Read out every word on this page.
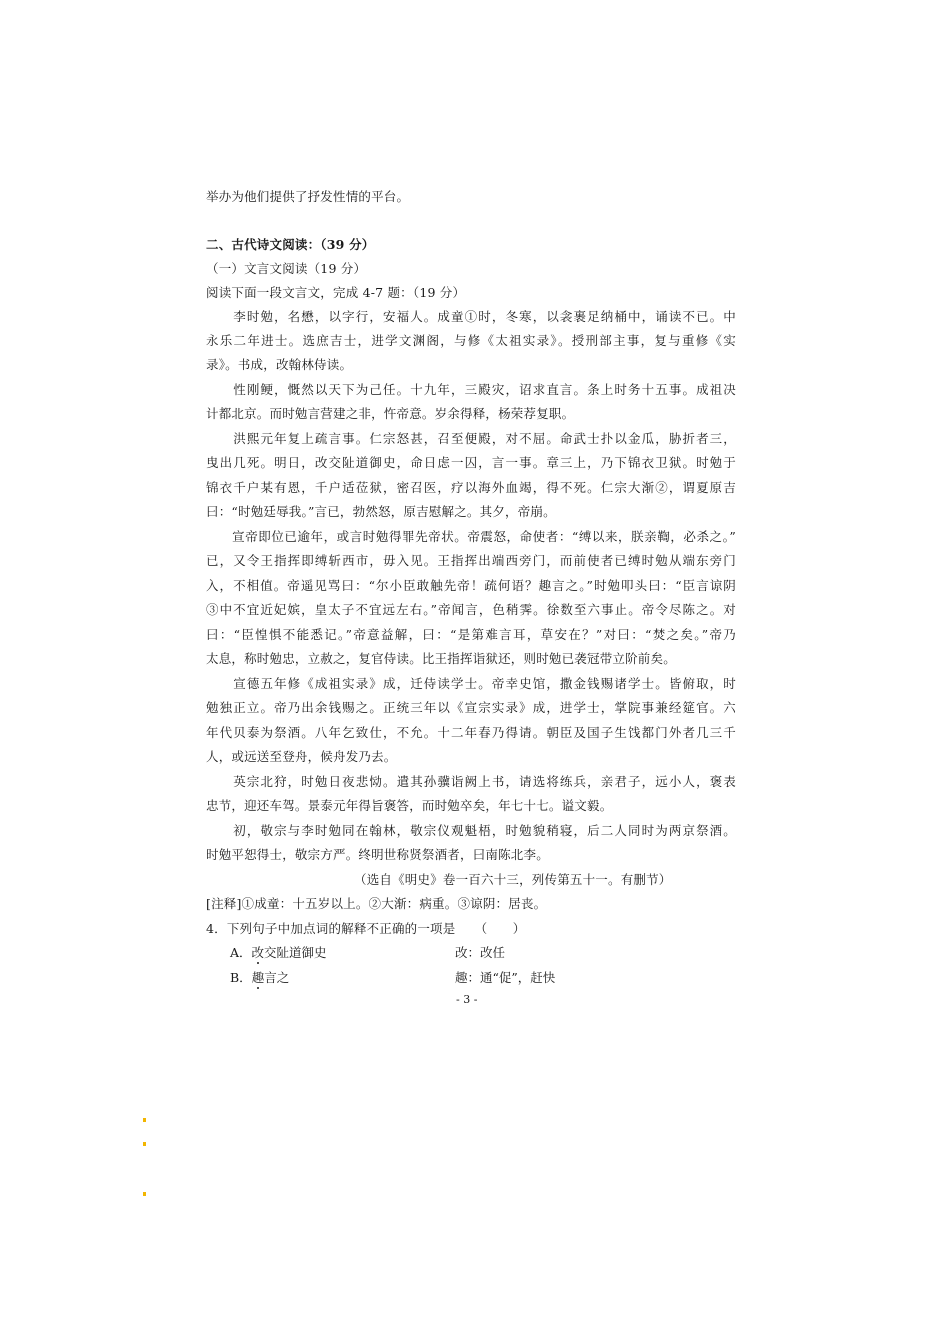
举办为他们提供了抒发性情的平台。
二、古代诗文阅读：（39 分）
（一）文言文阅读（19 分）
阅读下面一段文言文，完成 4-7 题：（19 分）
　　李时勉，名懋，以字行，安福人。成童①时，冬寒，以衾裹足纳桶中，诵读不已。中
永乐二年进士。选庶吉士，进学文渊阁，与修《太祖实录》。授刑部主事，复与重修《实
录》。书成，改翰林侍读。
　　性刚鲠，慨然以天下为己任。十九年，三殿灾，诏求直言。条上时务十五事。成祖决
计都北京。而时勉言营建之非，忤帝意。岁余得释，杨荣荐复职。
　　洪熙元年复上疏言事。仁宗怒甚，召至便殿，对不屈。命武士扑以金瓜，胁折者三，
曳出几死。明日，改交阯道御史，命日虑一囚，言一事。章三上，乃下锦衣卫狱。时勉于
锦衣千户某有恩，千户适莅狱，密召医，疗以海外血竭，得不死。仁宗大渐②，谓夏原吉
曰：“时勉廷辱我。”言已，勃然怒，原吉慰解之。其夕，帝崩。
　　宣帝即位已逾年，或言时勉得罪先帝状。帝震怒，命使者：“缚以来，朕亲鞫，必杀之。”
已，又令王指挥即缚斩西市，毋入见。王指挥出端西旁门，而前使者已缚时勉从端东旁门
入，不相值。帝遥见骂曰：“尔小臣敢触先帝！疏何语？趣言之。”时勉叩头曰：“臣言谅阴
③中不宜近妃嫔，皇太子不宜远左右。”帝闻言，色稍霁。徐数至六事止。帝令尽陈之。对
曰：“臣惶惧不能悉记。”帝意益解，曰：“是第难言耳，草安在？”对曰：“焚之矣。”帝乃
太息，称时勉忠，立赦之，复官侍读。比王指挥诣狱还，则时勉已袭冠带立阶前矣。
　　宣德五年修《成祖实录》成，迁侍读学士。帝幸史馆，撒金钱赐诸学士。皆俯取，时
勉独正立。帝乃出余钱赐之。正统三年以《宣宗实录》成，进学士，掌院事兼经筵官。六
年代贝泰为祭酒。八年乞致仕，不允。十二年春乃得请。朝臣及国子生饯都门外者几三千
人，或远送至登舟，候舟发乃去。
　　英宗北狩，时勉日夜悲恸。遣其孙骥诣阙上书，请选将练兵，亲君子，远小人，褒表
忠节，迎还车驾。景泰元年得旨褒答，而时勉卒矣，年七十七。谥文毅。
　　初，敬宗与李时勉同在翰林，敬宗仪观魁梧，时勉貌稍寝，后二人同时为两京祭酒。
时勉平恕得士，敬宗方严。终明世称贤祭酒者，曰南陈北李。
（选自《明史》卷一百六十三，列传第五十一。有删节）
[注释]①成童：十五岁以上。②大渐：病重。③谅阴：居丧。
4．下列句子中加点词的解释不正确的一项是　　（　　）
A．改交阯道御史	改：改任
B．趣言之	趣：通“促”，赶快
- 3 -
